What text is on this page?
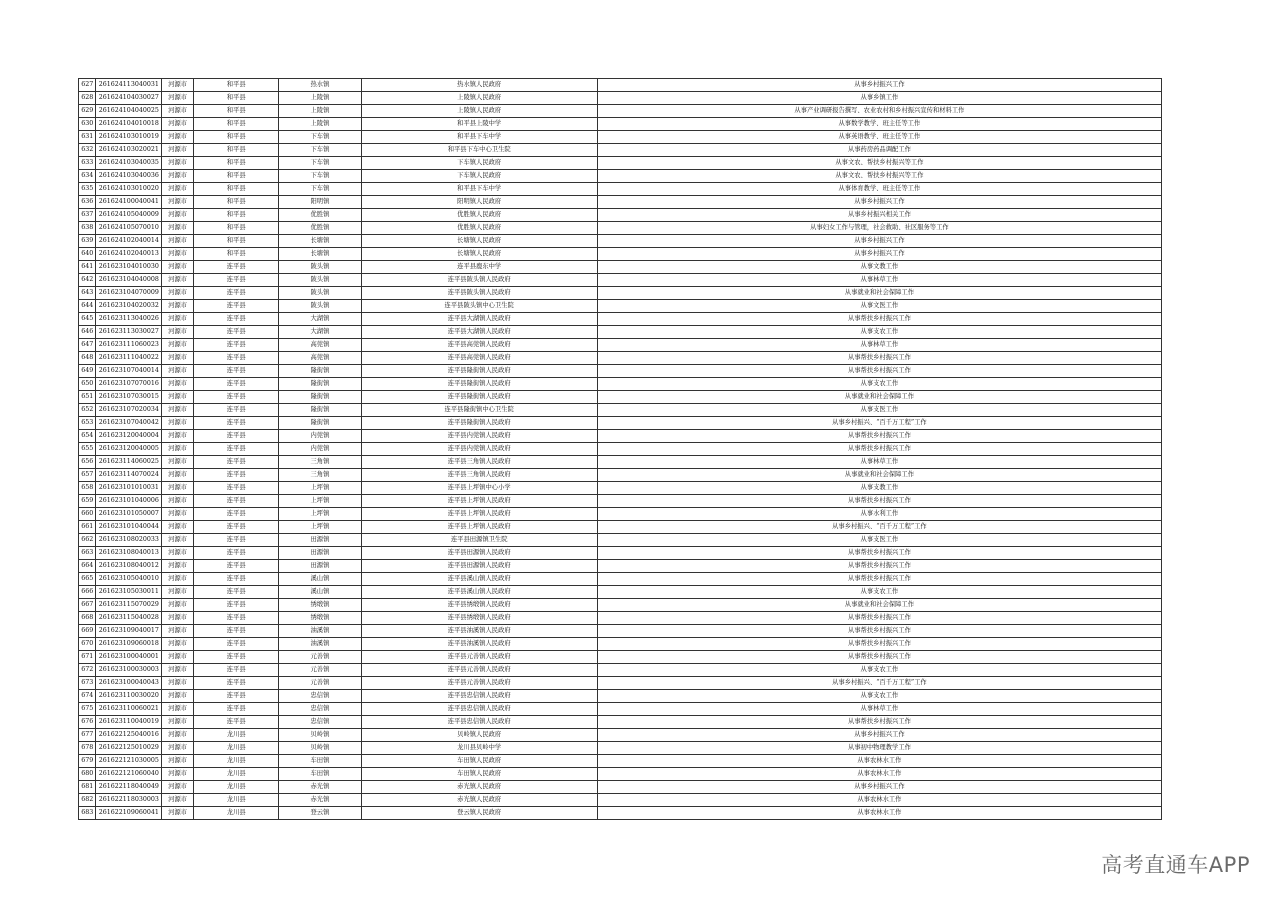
627	261624113040031	河源市	和平县	热水镇	热水镇人民政府	从事乡村振兴工作
628	261624104030027	河源市	和平县	上陵镇	上陵镇人民政府	从事乡镇工作
629	261624104040025	河源市	和平县	上陵镇	上陵镇人民政府	从事产业调研报告撰写、农业农村和乡村振兴宣传和材料工作
630	261624104010018	河源市	和平县	上陵镇	和平县上陵中学	从事数学教学、班主任等工作
631	261624103010019	河源市	和平县	下车镇	和平县下车中学	从事英语教学、班主任等工作
632	261624103020021	河源市	和平县	下车镇	和平县下车中心卫生院	从事药房药品调配工作
633	261624103040035	河源市	和平县	下车镇	下车镇人民政府	从事文农、帮扶乡村振兴等工作
634	261624103040036	河源市	和平县	下车镇	下车镇人民政府	从事文农、帮扶乡村振兴等工作
635	261624103010020	河源市	和平县	下车镇	和平县下车中学	从事体育教学、班主任等工作
636	261624100040041	河源市	和平县	阳明镇	阳明镇人民政府	从事乡村振兴工作
637	261624105040009	河源市	和平县	优胜镇	优胜镇人民政府	从事乡村振兴相关工作
638	261624105070010	河源市	和平县	优胜镇	优胜镇人民政府	从事妇女工作与管理，社会救助、社区服务等工作
639	261624102040014	河源市	和平县	长塘镇	长塘镇人民政府	从事乡村振兴工作
640	261624102040013	河源市	和平县	长塘镇	长塘镇人民政府	从事乡村振兴工作
641	261623104010030	河源市	连平县	陂头镇	连平县鹿东中学	从事文教工作
642	261623104040008	河源市	连平县	陂头镇	连平县陂头镇人民政府	从事林草工作
643	261623104070009	河源市	连平县	陂头镇	连平县陂头镇人民政府	从事就业和社会保障工作
644	261623104020032	河源市	连平县	陂头镇	连平县陂头镇中心卫生院	从事文医工作
645	261623113040026	河源市	连平县	大湖镇	连平县大湖镇人民政府	从事帮扶乡村振兴工作
646	261623113030027	河源市	连平县	大湖镇	连平县大湖镇人民政府	从事支农工作
647	261623111060023	河源市	连平县	高莞镇	连平县高莞镇人民政府	从事林草工作
648	261623111040022	河源市	连平县	高莞镇	连平县高莞镇人民政府	从事帮扶乡村振兴工作
649	261623107040014	河源市	连平县	隆街镇	连平县隆街镇人民政府	从事帮扶乡村振兴工作
650	261623107070016	河源市	连平县	隆街镇	连平县隆街镇人民政府	从事支农工作
651	261623107030015	河源市	连平县	隆街镇	连平县隆街镇人民政府	从事就业和社会保障工作
652	261623107020034	河源市	连平县	隆街镇	连平县隆街镇中心卫生院	从事支医工作
653	261623107040042	河源市	连平县	隆街镇	连平县隆街镇人民政府	从事乡村振兴、“百千万工程”工作
654	261623120040004	河源市	连平县	内莞镇	连平县内莞镇人民政府	从事帮扶乡村振兴工作
655	261623120040005	河源市	连平县	内莞镇	连平县内莞镇人民政府	从事帮扶乡村振兴工作
656	261623114060025	河源市	连平县	三角镇	连平县三角镇人民政府	从事林草工作
657	261623114070024	河源市	连平县	三角镇	连平县三角镇人民政府	从事就业和社会保障工作
658	261623101010031	河源市	连平县	上坪镇	连平县上坪镇中心小学	从事支教工作
659	261623101040006	河源市	连平县	上坪镇	连平县上坪镇人民政府	从事帮扶乡村振兴工作
660	261623101050007	河源市	连平县	上坪镇	连平县上坪镇人民政府	从事水利工作
661	261623101040044	河源市	连平县	上坪镇	连平县上坪镇人民政府	从事乡村振兴、“百千万工程”工作
662	261623108020033	河源市	连平县	田源镇	连平县田源镇卫生院	从事支医工作
663	261623108040013	河源市	连平县	田源镇	连平县田源镇人民政府	从事帮扶乡村振兴工作
664	261623108040012	河源市	连平县	田源镇	连平县田源镇人民政府	从事帮扶乡村振兴工作
665	261623105040010	河源市	连平县	溪山镇	连平县溪山镇人民政府	从事帮扶乡村振兴工作
666	261623105030011	河源市	连平县	溪山镇	连平县溪山镇人民政府	从事支农工作
667	261623115070029	河源市	连平县	绣缎镇	连平县绣缎镇人民政府	从事就业和社会保障工作
668	261623115040028	河源市	连平县	绣缎镇	连平县绣缎镇人民政府	从事帮扶乡村振兴工作
669	261623109040017	河源市	连平县	油溪镇	连平县油溪镇人民政府	从事帮扶乡村振兴工作
670	261623109060018	河源市	连平县	油溪镇	连平县油溪镇人民政府	从事帮扶乡村振兴工作
671	261623100040001	河源市	连平县	元善镇	连平县元善镇人民政府	从事帮扶乡村振兴工作
672	261623100030003	河源市	连平县	元善镇	连平县元善镇人民政府	从事支农工作
673	261623100040043	河源市	连平县	元善镇	连平县元善镇人民政府	从事乡村振兴、“百千万工程”工作
674	261623110030020	河源市	连平县	忠信镇	连平县忠信镇人民政府	从事支农工作
675	261623110060021	河源市	连平县	忠信镇	连平县忠信镇人民政府	从事林草工作
676	261623110040019	河源市	连平县	忠信镇	连平县忠信镇人民政府	从事帮扶乡村振兴工作
677	261622125040016	河源市	龙川县	贝岭镇	贝岭镇人民政府	从事乡村振兴工作
678	261622125010029	河源市	龙川县	贝岭镇	龙川县贝岭中学	从事初中物理教学工作
679	261622121030005	河源市	龙川县	车田镇	车田镇人民政府	从事农林水工作
680	261622121060040	河源市	龙川县	车田镇	车田镇人民政府	从事农林水工作
681	261622118040049	河源市	龙川县	赤光镇	赤光镇人民政府	从事乡村振兴工作
682	261622118030003	河源市	龙川县	赤光镇	赤光镇人民政府	从事农林水工作
683	261622109060041	河源市	龙川县	登云镇	登云镇人民政府	从事农林水工作
高考直通车APP
